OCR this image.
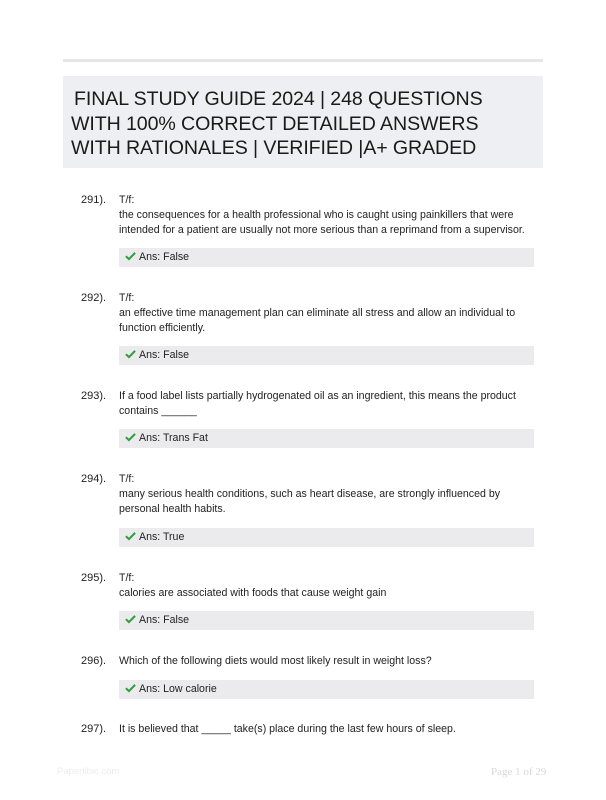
FINAL STUDY GUIDE 2024 | 248 QUESTIONS
WITH 100% CORRECT DETAILED ANSWERS
WITH RATIONALES | VERIFIED |A+ GRADED
291). T/f:
the consequences for a health professional who is caught using painkillers that were
intended for a patient are usually not more serious than a reprimand from a supervisor.
Ans: False
292). T/f:
an effective time management plan can eliminate all stress and allow an individual to
function efficiently.
Ans: False
293). If a food label lists partially hydrogenated oil as an ingredient, this means the product
contains ______
Ans: Trans Fat
294). T/f:
many serious health conditions, such as heart disease, are strongly influenced by
personal health habits.
Ans: True
295). T/f:
calories are associated with foods that cause weight gain
Ans: False
296). Which of the following diets would most likely result in weight loss?
Ans: Low calorie
297). It is believed that _____ take(s) place during the last few hours of sleep.
Paperlibic.com	Page 1 of 29
